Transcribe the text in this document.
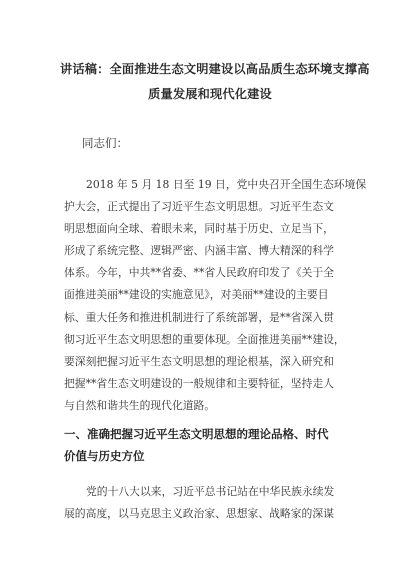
讲话稿：全面推进生态文明建设以高品质生态环境支撑高
质量发展和现代化建设
同志们：
2018 年 5 月 18 日至 19 日，党中央召开全国生态环境保
护大会，正式提出了习近平生态文明思想。习近平生态文
明思想面向全球、着眼未来，同时基于历史、立足当下，
形成了系统完整、逻辑严密、内涵丰富、博大精深的科学
体系。今年，中共**省委、**省人民政府印发了《关于全
面推进美丽**建设的实施意见》，对美丽**建设的主要目
标、重大任务和推进机制进行了系统部署，是**省深入贯
彻习近平生态文明思想的重要体现。全面推进美丽**建设，
要深刻把握习近平生态文明思想的理论根基，深入研究和
把握**省生态文明建设的一般规律和主要特征，坚持走人
与自然和谐共生的现代化道路。
一、准确把握习近平生态文明思想的理论品格、时代
价值与历史方位
党的十八大以来，习近平总书记站在中华民族永续发
展的高度，以马克思主义政治家、思想家、战略家的深谋
